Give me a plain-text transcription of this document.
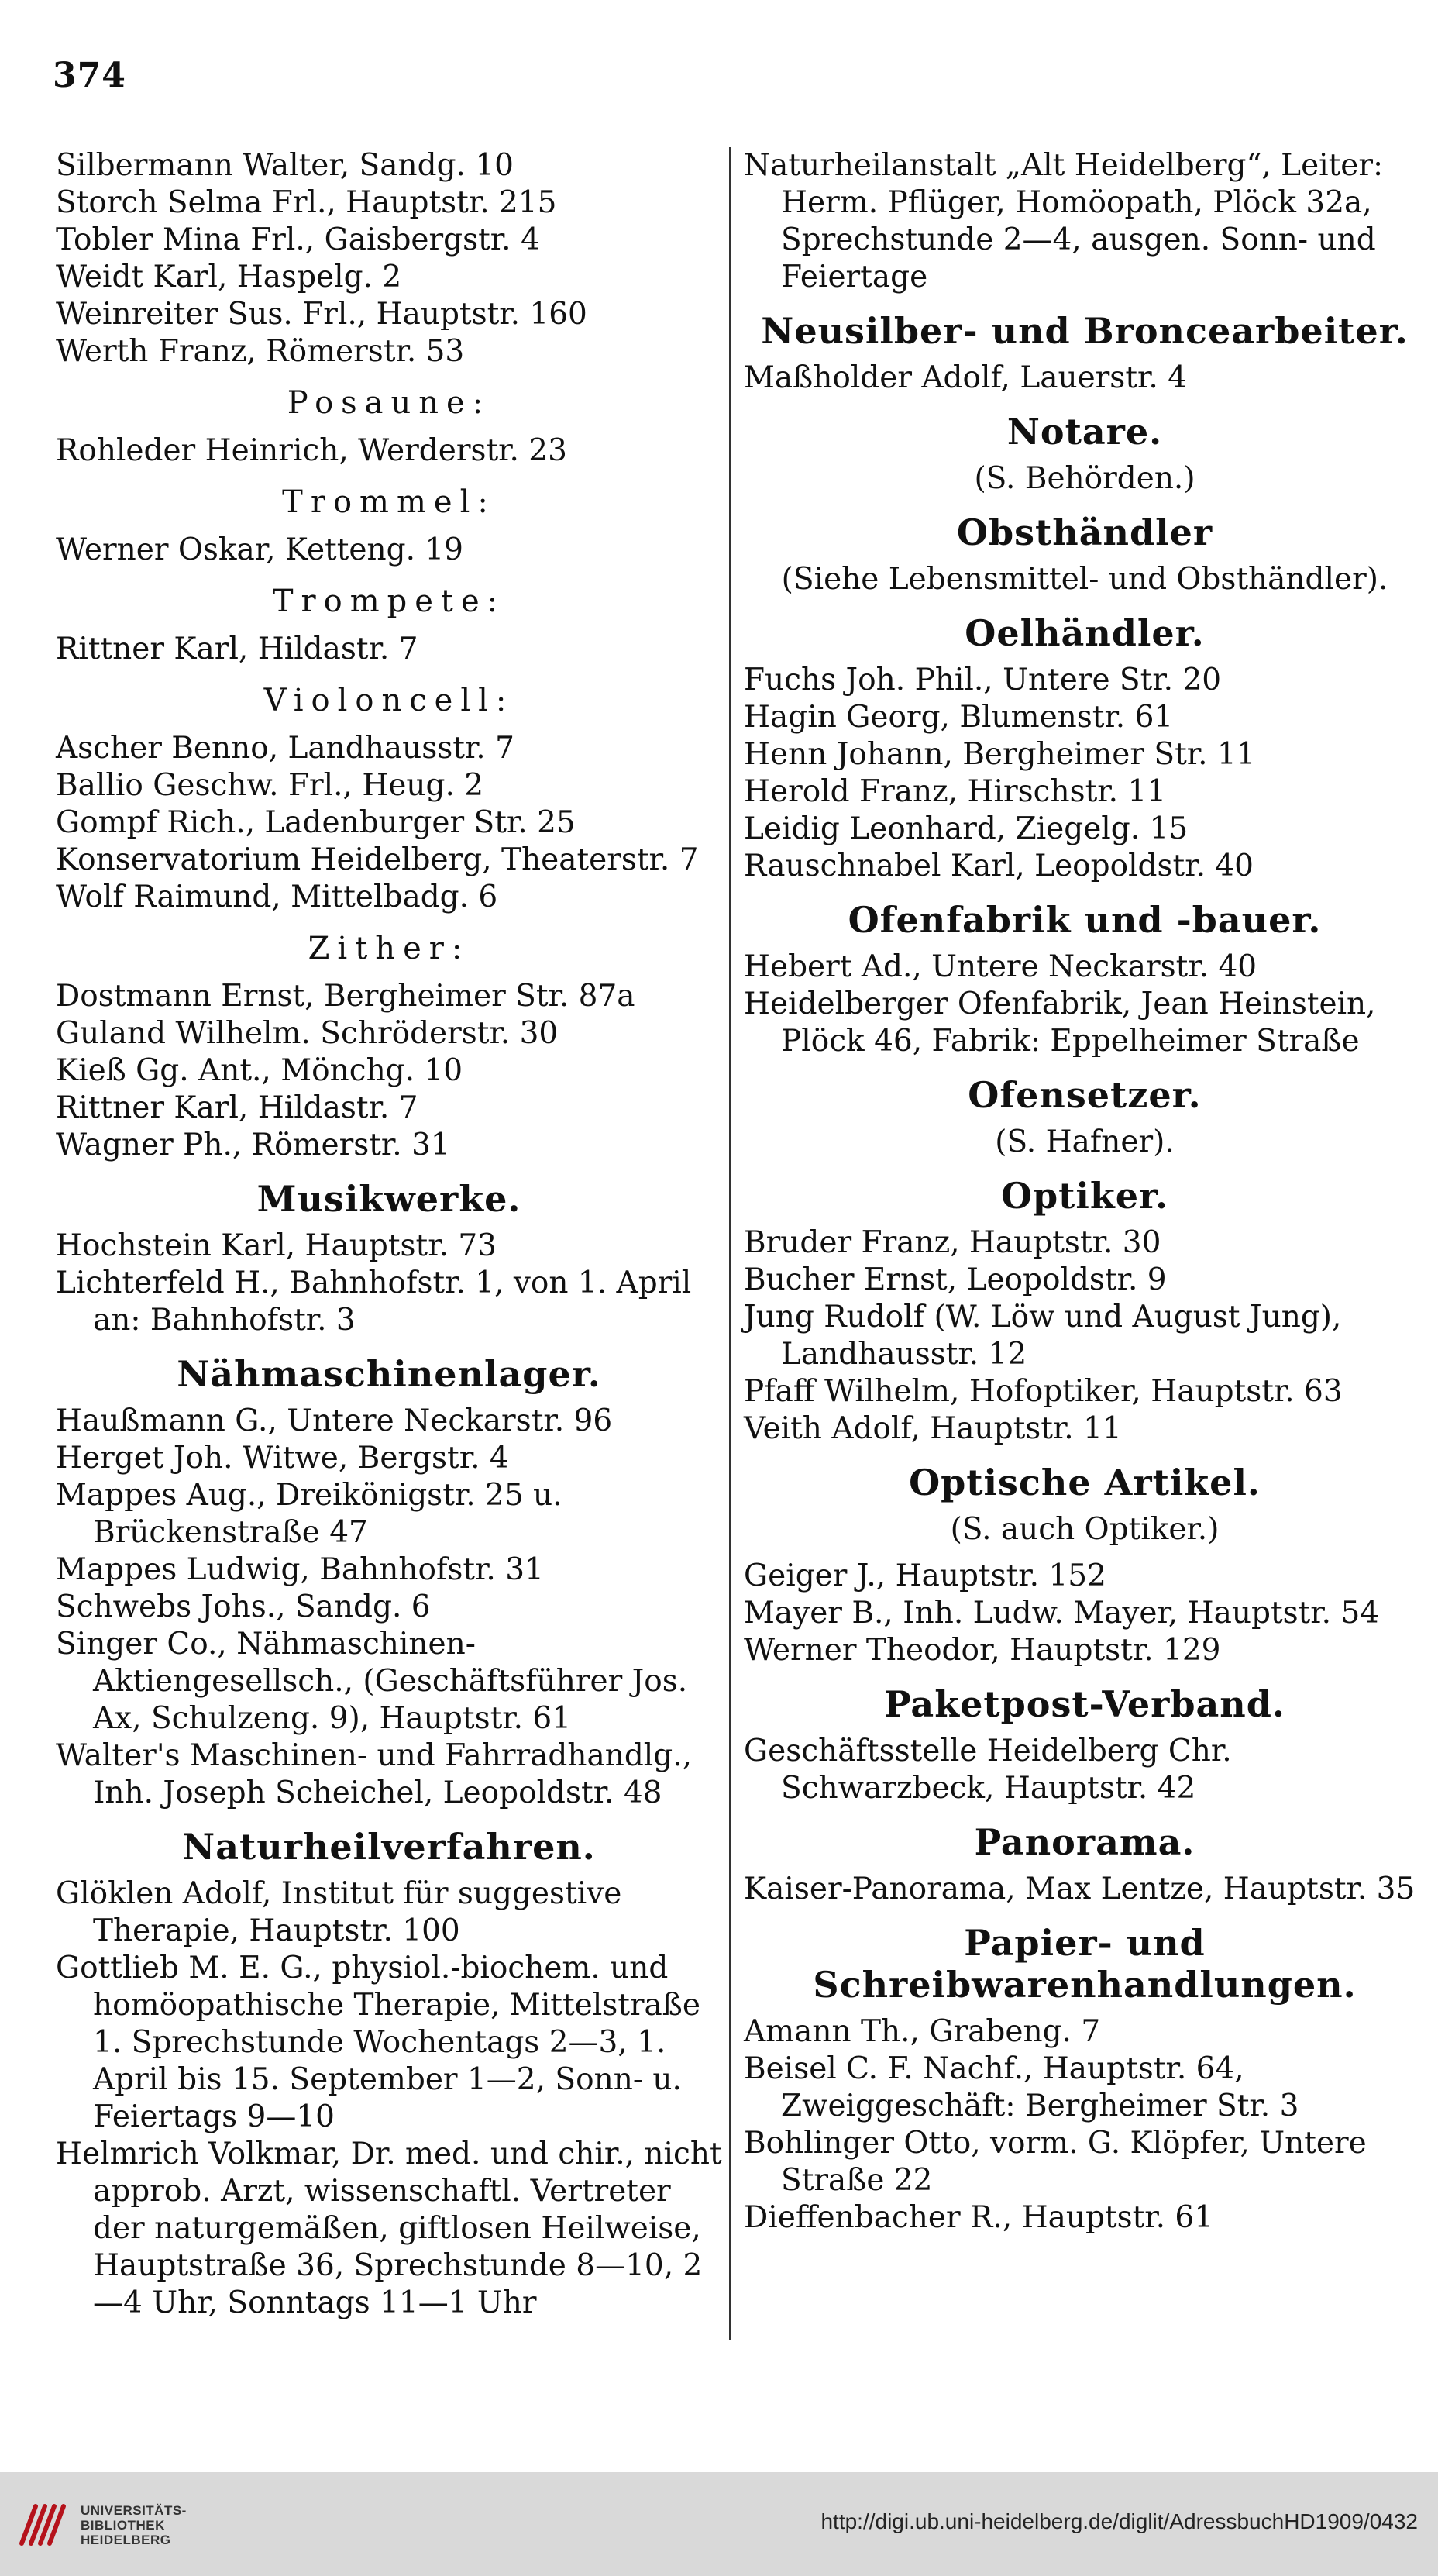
374
Silbermann Walter, Sandg. 10
Storch Selma Frl., Hauptstr. 215
Tobler Mina Frl., Gaisbergstr. 4
Weidt Karl, Haspelg. 2
Weinreiter Sus. Frl., Hauptstr. 160
Werth Franz, Römerstr. 53
Posaune:
Rohleder Heinrich, Werderstr. 23
Trommel:
Werner Oskar, Ketteng. 19
Trompete:
Rittner Karl, Hildastr. 7
Violoncell:
Ascher Benno, Landhausstr. 7
Ballio Geschw. Frl., Heug. 2
Gompf Rich., Ladenburger Str. 25
Konservatorium Heidelberg, Theaterstr. 7
Wolf Raimund, Mittelbadg. 6
Zither:
Dostmann Ernst, Bergheimer Str. 87a
Guland Wilhelm. Schröderstr. 30
Kieß Gg. Ant., Mönchg. 10
Rittner Karl, Hildastr. 7
Wagner Ph., Römerstr. 31
Musikwerke.
Hochstein Karl, Hauptstr. 73
Lichterfeld H., Bahnhofstr. 1, von 1. April an: Bahnhofstr. 3
Nähmaschinenlager.
Haußmann G., Untere Neckarstr. 96
Herget Joh. Witwe, Bergstr. 4
Mappes Aug., Dreikönigstr. 25 u. Brückenstraße 47
Mappes Ludwig, Bahnhofstr. 31
Schwebs Johs., Sandg. 6
Singer Co., Nähmaschinen-Aktiengesellsch., (Geschäftsführer Jos. Ax, Schulzeng. 9), Hauptstr. 61
Walter's Maschinen- und Fahrradhandlg., Inh. Joseph Scheichel, Leopoldstr. 48
Naturheilverfahren.
Glöklen Adolf, Institut für suggestive Therapie, Hauptstr. 100
Gottlieb M. E. G., physiol.-biochem. und homöopathische Therapie, Mittelstraße 1. Sprechstunde Wochentags 2—3, 1. April bis 15. September 1—2, Sonn- u. Feiertags 9—10
Helmrich Volkmar, Dr. med. und chir., nicht approb. Arzt, wissenschaftl. Vertreter der naturgemäßen, giftlosen Heilweise, Hauptstraße 36, Sprechstunde 8—10, 2—4 Uhr, Sonntags 11—1 Uhr
Naturheilanstalt „Alt Heidelberg“, Leiter: Herm. Pflüger, Homöopath, Plöck 32a, Sprechstunde 2—4, ausgen. Sonn- und Feiertage
Neusilber- und Broncearbeiter.
Maßholder Adolf, Lauerstr. 4
Notare.
(S. Behörden.)
Obsthändler
(Siehe Lebensmittel- und Obsthändler).
Oelhändler.
Fuchs Joh. Phil., Untere Str. 20
Hagin Georg, Blumenstr. 61
Henn Johann, Bergheimer Str. 11
Herold Franz, Hirschstr. 11
Leidig Leonhard, Ziegelg. 15
Rauschnabel Karl, Leopoldstr. 40
Ofenfabrik und -bauer.
Hebert Ad., Untere Neckarstr. 40
Heidelberger Ofenfabrik, Jean Heinstein, Plöck 46, Fabrik: Eppelheimer Straße
Ofensetzer.
(S. Hafner).
Optiker.
Bruder Franz, Hauptstr. 30
Bucher Ernst, Leopoldstr. 9
Jung Rudolf (W. Löw und August Jung), Landhausstr. 12
Pfaff Wilhelm, Hofoptiker, Hauptstr. 63
Veith Adolf, Hauptstr. 11
Optische Artikel.
(S. auch Optiker.)
Geiger J., Hauptstr. 152
Mayer B., Inh. Ludw. Mayer, Hauptstr. 54
Werner Theodor, Hauptstr. 129
Paketpost-Verband.
Geschäftsstelle Heidelberg Chr. Schwarzbeck, Hauptstr. 42
Panorama.
Kaiser-Panorama, Max Lentze, Hauptstr. 35
Papier- und Schreibwarenhandlungen.
Amann Th., Grabeng. 7
Beisel C. F. Nachf., Hauptstr. 64, Zweiggeschäft: Bergheimer Str. 3
Bohlinger Otto, vorm. G. Klöpfer, Untere Straße 22
Dieffenbacher R., Hauptstr. 61
UNIVERSITÄTS-
BIBLIOTHEK
HEIDELBERG
http://digi.ub.uni-heidelberg.de/diglit/AdressbuchHD1909/0432
